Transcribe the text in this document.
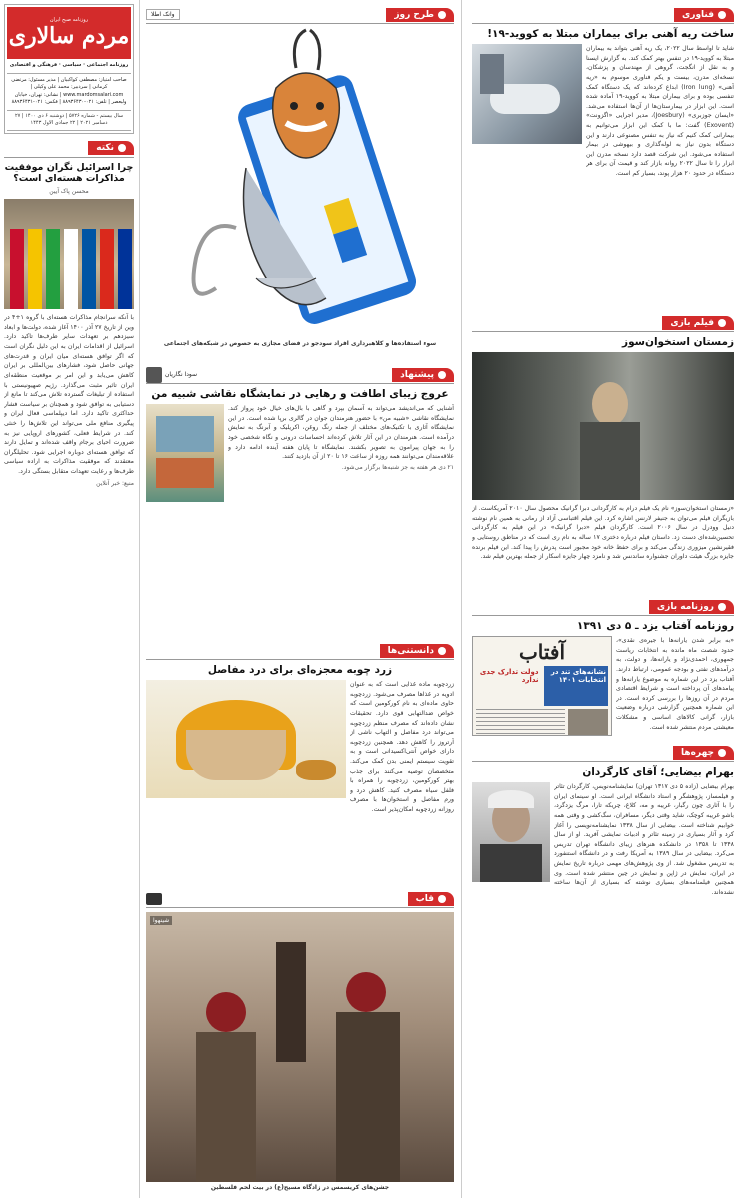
فناوری
ساخت ریه آهنی برای بیماران مبتلا به کووید-۱۹!
شاید تا اواسط سال ۲۰۲۲، یک ریه آهنی بتواند به بیماران مبتلا به کووید-۱۹ در تنفس بهتر کمک کند. به گزارش ایسنا و به نقل از انگجت، گروهی از مهندسان و پزشکان، نسخه‌ای مدرن، بیست و یکم فناوری موسوم به «ریه آهنی» (Iron lung) ابداع کرده‌اند که یک دستگاه کمک تنفسی بوده و برای بیماران مبتلا به کووید-۱۹ آماده شده است. این ابزار در بیمارستان‌ها از آن‌ها استفاده می‌شد. «ایسان جوزبری» (Joesbury)، مدیر اجرایی «اگزونت» (Exovent) گفت: ما با کمک این ابزار می‌توانیم به بیمارانی کمک کنیم که نیاز به تنفس مصنوعی دارند و این دستگاه بدون نیاز به لوله‌گذاری و بیهوشی در بیمار استفاده می‌شود. این شرکت قصد دارد نسخه مدرن این ابزار را تا سال ۲۰۲۲ روانه بازار کند و قیمت آن برای هر دستگاه در حدود ۲۰ هزار پوند، بسیار کم است.
فیلم بازی
زمستان استخوان‌سوز
«زمستان استخوان‌سوز» نام یک فیلم درام به کارگردانی دبرا گرانیک محصول سال ۲۰۱۰ آمریکاست. از بازیگران فیلم می‌توان به جنیفر لارنس اشاره کرد. این فیلم اقتباسی آزاد از رمانی به همین نام نوشته دنیل وودرل در سال ۲۰۰۶ است. کارگردان فیلم «دبرا گرانیک» در این فیلم به کارگردانی تحسین‌شده‌ای دست زد. داستان فیلم درباره دختری ۱۷ ساله به نام ری است که در مناطق روستایی و فقیرنشین میزوری زندگی می‌کند و برای حفظ خانه خود مجبور است پدرش را پیدا کند. این فیلم برنده جایزه بزرگ هیئت داوران جشنواره ساندنس شد و نامزد چهار جایزه اسکار از جمله بهترین فیلم شد.
روزنامه بازی
روزنامه آفتاب یزد ـ ۵ دی ۱۳۹۱
«به برابر شدن یارانه‌ها با جیره‌ی نقدی»، حدود شصت ماه مانده به انتخابات ریاست جمهوری، احمدی‌نژاد و یارانه‌ها، و دولت، به درآمدهای نفتی و بودجه عمومی، ارتباط دارند. آفتاب یزد در این شماره به موضوع یارانه‌ها و پیامدهای آن پرداخته است و شرایط اقتصادی مردم در آن روزها را بررسی کرده است. در این شماره همچنین گزارشی درباره وضعیت بازار، گرانی کالاهای اساسی و مشکلات معیشتی مردم منتشر شده است.
آفتاب
نشانه‌های تند در انتخابات ۱۴۰۱
دولت تدارک جدی ندارد
چهره‌ها
بهرام بیضایی؛ آقای کارگردان
بهرام بیضایی (زاده ۵ دی ۱۳۱۷ تهران) نمایشنامه‌نویس، کارگردان تئاتر و فیلمساز، پژوهشگر و استاد دانشگاه ایرانی است. او سینمای ایران را با آثاری چون رگبار، غریبه و مه، کلاغ، چریکه تارا، مرگ یزدگرد، باشو غریبه کوچک، شاید وقتی دیگر، مسافران، سگ‌کشی و وقتی همه خوابیم شناخته است. بیضایی از سال ۱۳۳۸ نمایشنامه‌نویسی را آغاز کرد و آثار بسیاری در زمینه تئاتر و ادبیات نمایشی آفرید. او از سال ۱۳۴۸ تا ۱۳۵۸ در دانشکده هنرهای زیبای دانشگاه تهران تدریس می‌کرد. بیضایی در سال ۱۳۸۹ به آمریکا رفت و در دانشگاه استنفورد به تدریس مشغول شد. از وی پژوهش‌های مهمی درباره تاریخ نمایش در ایران، نمایش در ژاپن و نمایش در چین منتشر شده است. وی همچنین فیلمنامه‌های بسیاری نوشته که بسیاری از آن‌ها ساخته نشده‌اند.
طرح روز
وانک اطلا
سوء استفاده‌ها و کلاهبرداری افراد سودجو در فضای مجازی به خصوص در شبکه‌های اجتماعی
پیشنهاد
سودا نگاریان
عروج زیبای اطافت و رهایی در نمایشگاه نقاشی شبیه من
آشنایی که می‌اندیشد می‌تواند به آسمان بپرد و گاهی با بال‌های خیال خود پرواز کند. نمایشگاه نقاشی «شبیه من» با حضور هنرمندان جوان در گالری برپا شده است. در این نمایشگاه آثاری با تکنیک‌های مختلف از جمله رنگ روغن، اکریلیک و آبرنگ به نمایش درآمده است. هنرمندان در این آثار تلاش کرده‌اند احساسات درونی و نگاه شخصی خود را به جهان پیرامون به تصویر بکشند. نمایشگاه تا پایان هفته آینده ادامه دارد و علاقه‌مندان می‌توانند همه روزه از ساعت ۱۶ تا ۲۰ از آن بازدید کنند.
۲۱ دی هر هفته به جز شنبه‌ها برگزار می‌شود.
دانستنی‌ها
زرد چوبه معجزه‌ای برای درد مفاصل
زردچوبه ماده غذایی است که به عنوان ادویه در غذاها مصرف می‌شود. زردچوبه حاوی ماده‌ای به نام کورکومین است که خواص ضدالتهابی قوی دارد. تحقیقات نشان داده‌اند که مصرف منظم زردچوبه می‌تواند درد مفاصل و التهاب ناشی از آرتروز را کاهش دهد. همچنین زردچوبه دارای خواص آنتی‌اکسیدانی است و به تقویت سیستم ایمنی بدن کمک می‌کند. متخصصان توصیه می‌کنند برای جذب بهتر کورکومین، زردچوبه را همراه با فلفل سیاه مصرف کنید. کاهش درد و ورم مفاصل و استخوان‌ها با مصرف روزانه زردچوبه امکان‌پذیر است.
قاب
شینهوا
جشن‌های کریسمس در زادگاه مسیح(ع) در بیت لحم فلسطین
روزنامه صبح ایران
مردم سالاری
روزنامه اجتماعی · سیاسی · فرهنگی و اقتصادی
صاحب امتیاز: مصطفی کواکبیان | مدیر مسئول: مرتضی کرمانی | سردبیر: محمد علی وکیلی | www.mardomsalari.com | نشانی: تهران، خیابان ولیعصر | تلفن: ۰۲۱-۸۸۹۳۶۴۳۰ | فکس: ۰۲۱-۸۸۹۳۶۴۳۱
سال بیستم - شماره ۵۷۲۶ | دوشنبه ۶ دی ۱۴۰۰ | ۲۷ دسامبر ۲۰۲۱ | ۲۲ جمادی الاول ۱۴۴۳
نکته
چرا اسرائیل نگران موفقیت مذاکرات هسته‌ای است؟
محسن پاک آیین
با آنکه سرانجام مذاکرات هسته‌ای با گروه ۱+۴ در وین از تاریخ ۲۷ آذر ۱۴۰۰ آغاز شده، دولت‌ها و ابعاد سیزدهم بر تعهدات سایر طرف‌ها تاکید دارد. اسرائیل از اقدامات ایران به این دلیل نگران است که اگر توافق هسته‌ای میان ایران و قدرت‌های جهانی حاصل شود، فشارهای بین‌المللی بر ایران کاهش می‌یابد و این امر بر موقعیت منطقه‌ای ایران تاثیر مثبت می‌گذارد. رژیم صهیونیستی با استفاده از تبلیغات گسترده تلاش می‌کند تا مانع از دستیابی به توافق شود و همچنان بر سیاست فشار حداکثری تاکید دارد. اما دیپلماسی فعال ایران و پیگیری منافع ملی می‌تواند این تلاش‌ها را خنثی کند. در شرایط فعلی، کشورهای اروپایی نیز به ضرورت احیای برجام واقف شده‌اند و تمایل دارند که توافق هسته‌ای دوباره اجرایی شود. تحلیلگران معتقدند که موفقیت مذاکرات به اراده سیاسی طرف‌ها و رعایت تعهدات متقابل بستگی دارد.
منبع: خبر آنلاین
